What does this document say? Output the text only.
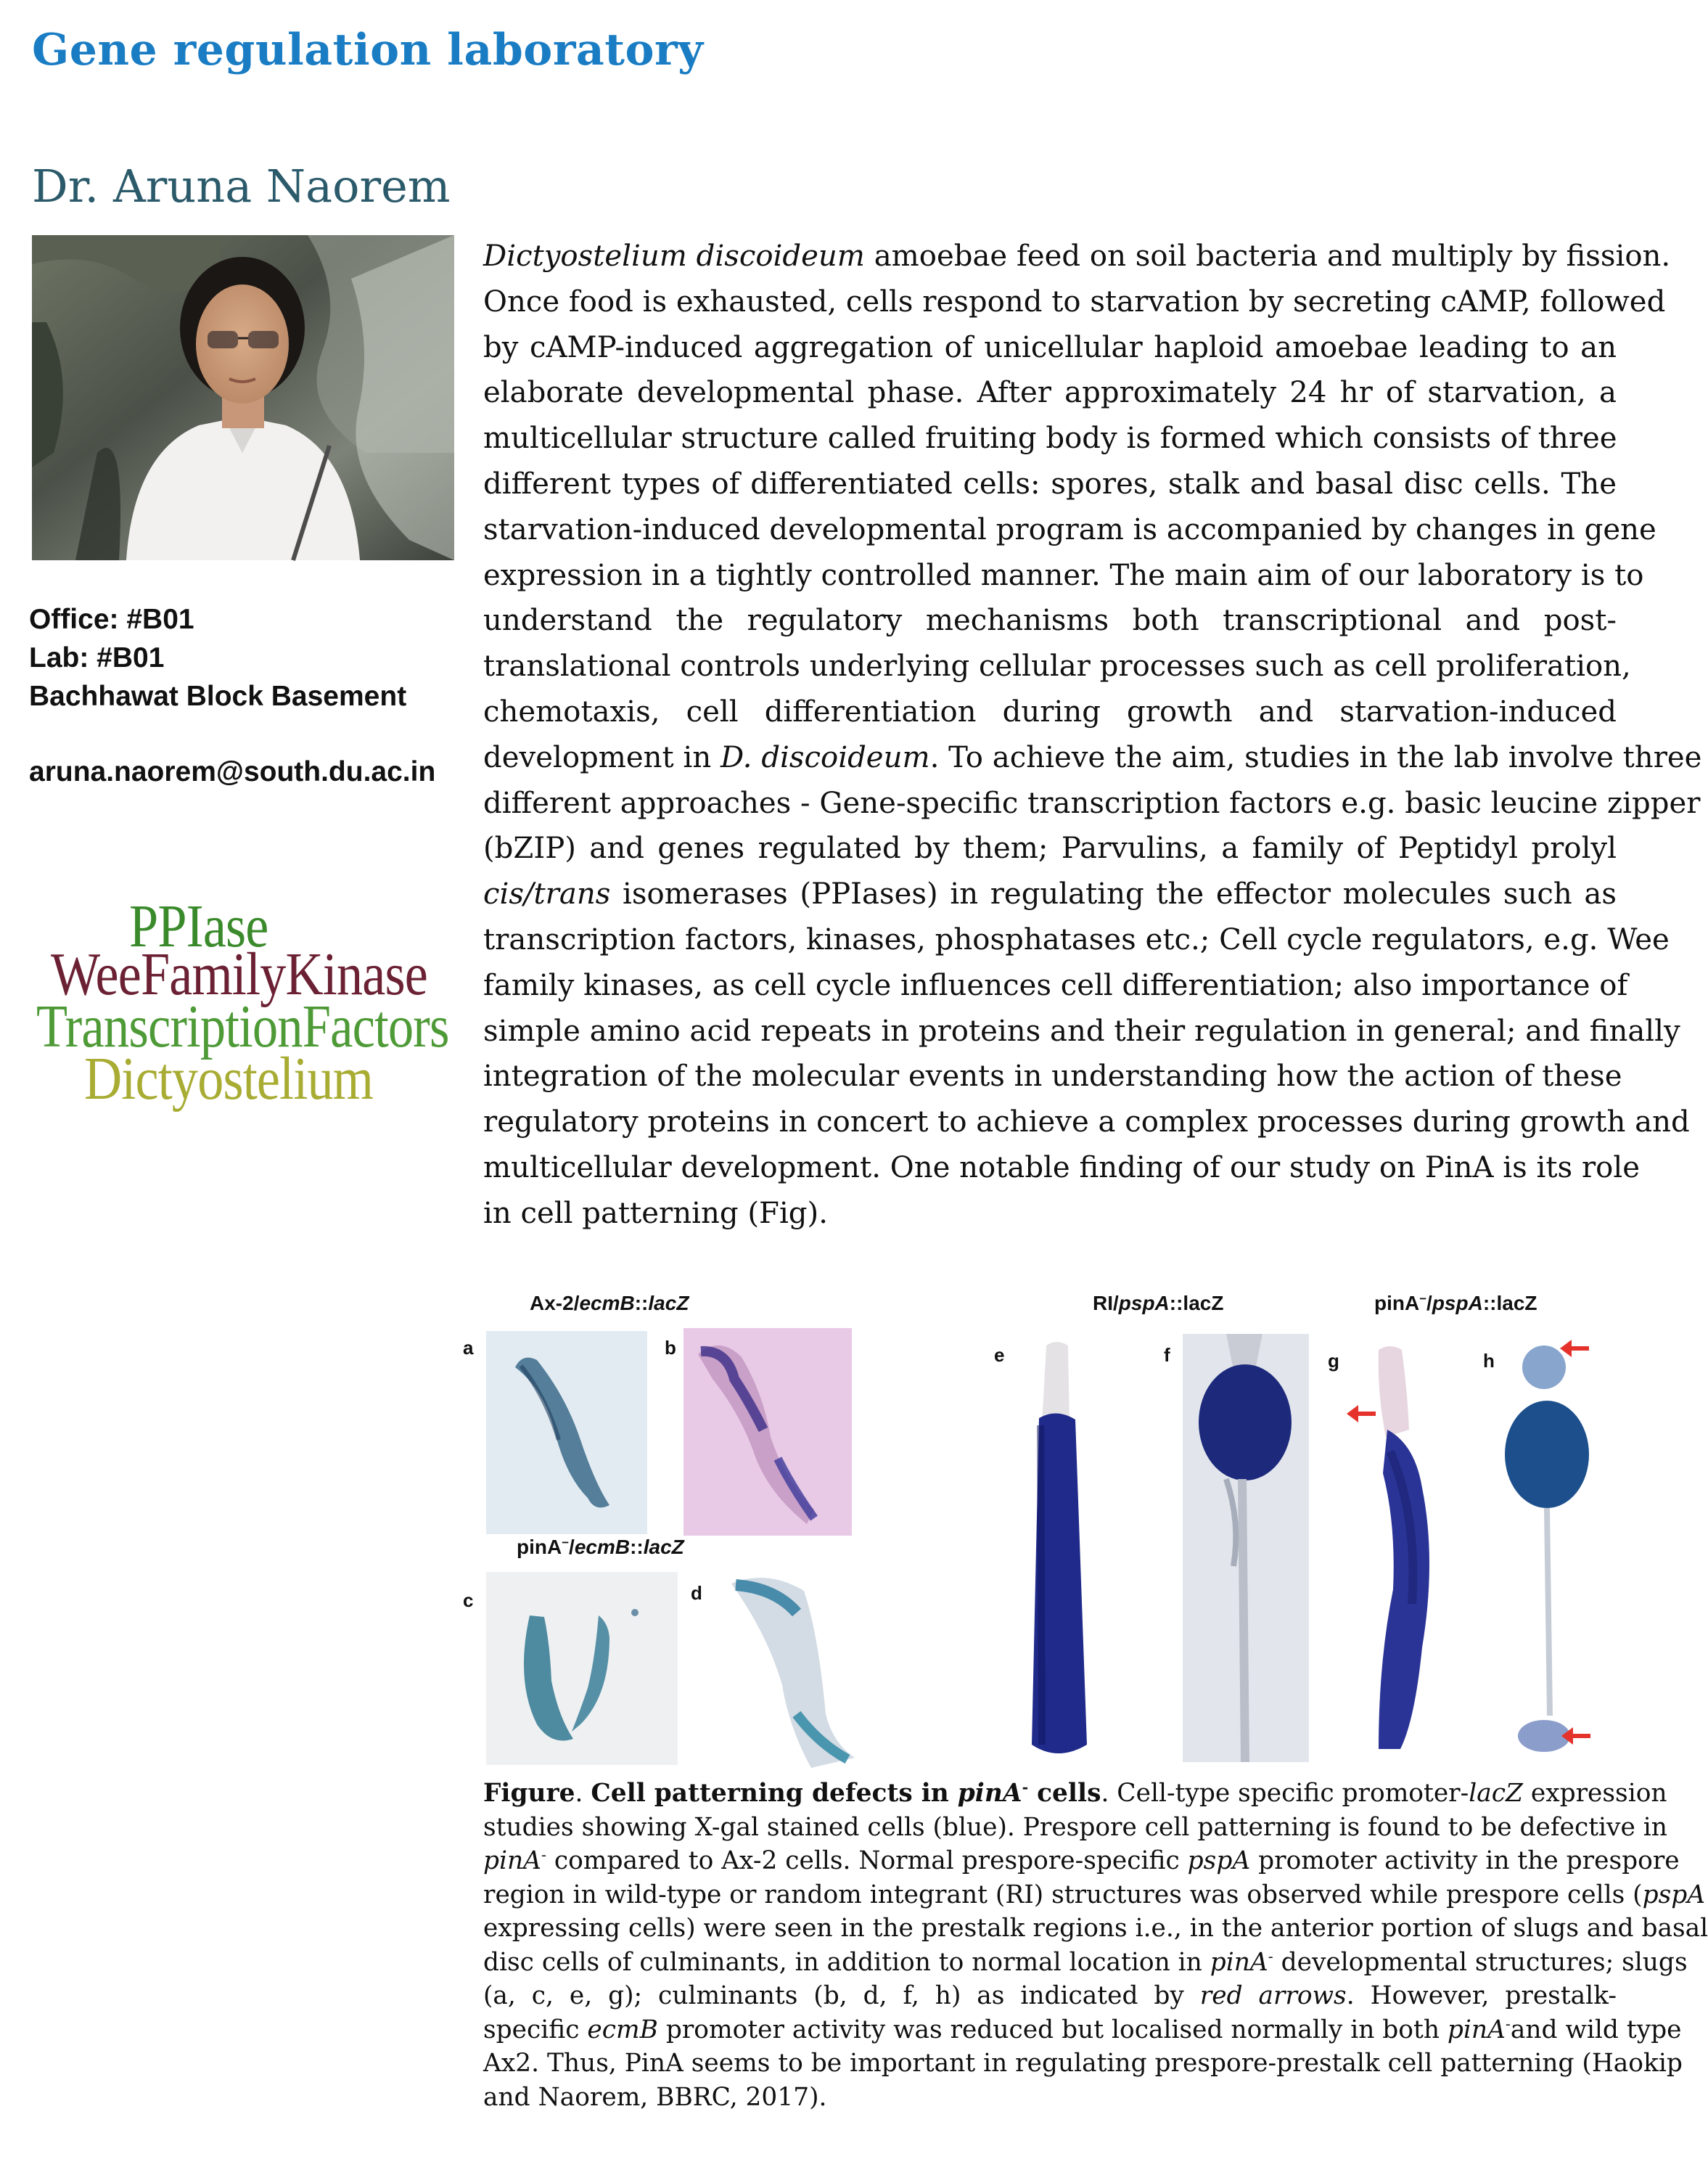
Gene regulation laboratory
Dr. Aruna Naorem
Office: #B01
Lab: #B01
Bachhawat Block Basement
aruna.naorem@south.du.ac.in
PPIase
WeeFamilyKinase
TranscriptionFactors
Dictyostelium
Dictyostelium discoideum amoebae feed on soil bacteria and multiply by fission.
Once food is exhausted, cells respond to starvation by secreting cAMP, followed
by cAMP-induced aggregation of unicellular haploid amoebae leading to an
elaborate developmental phase. After approximately 24 hr of starvation, a
multicellular structure called fruiting body is formed which consists of three
different types of differentiated cells: spores, stalk and basal disc cells. The
starvation-induced developmental program is accompanied by changes in gene
expression in a tightly controlled manner. The main aim of our laboratory is to
understand the regulatory mechanisms both transcriptional and post-
translational controls underlying cellular processes such as cell proliferation,
chemotaxis, cell differentiation during growth and starvation-induced
development in D. discoideum. To achieve the aim, studies in the lab involve three
different approaches - Gene-specific transcription factors e.g. basic leucine zipper
(bZIP) and genes regulated by them; Parvulins, a family of Peptidyl prolyl
cis/trans isomerases (PPIases) in regulating the effector molecules such as
transcription factors, kinases, phosphatases etc.; Cell cycle regulators, e.g. Wee
family kinases, as cell cycle influences cell differentiation; also importance of
simple amino acid repeats in proteins and their regulation in general; and finally
integration of the molecular events in understanding how the action of these
regulatory proteins in concert to achieve a complex processes during growth and
multicellular development. One notable finding of our study on PinA is its role
in cell patterning (Fig).
Ax-2/ecmB::lacZ	RI/pspA::lacZ	pinA−/pspA::lacZ
pinA−/ecmB::lacZ
a	b
c	d
e	f	g	h
Figure. Cell patterning defects in pinA- cells. Cell-type specific promoter-lacZ expression
studies showing X-gal stained cells (blue). Prespore cell patterning is found to be defective in
pinA- compared to Ax-2 cells. Normal prespore-specific pspA promoter activity in the prespore
region in wild-type or random integrant (RI) structures was observed while prespore cells (pspA
expressing cells) were seen in the prestalk regions i.e., in the anterior portion of slugs and basal
disc cells of culminants, in addition to normal location in pinA- developmental structures; slugs
(a, c, e, g); culminants (b, d, f, h) as indicated by red arrows. However, prestalk-
specific ecmB promoter activity was reduced but localised normally in both pinA-and wild type
Ax2. Thus, PinA seems to be important in regulating prespore-prestalk cell patterning (Haokip
and Naorem, BBRC, 2017).
